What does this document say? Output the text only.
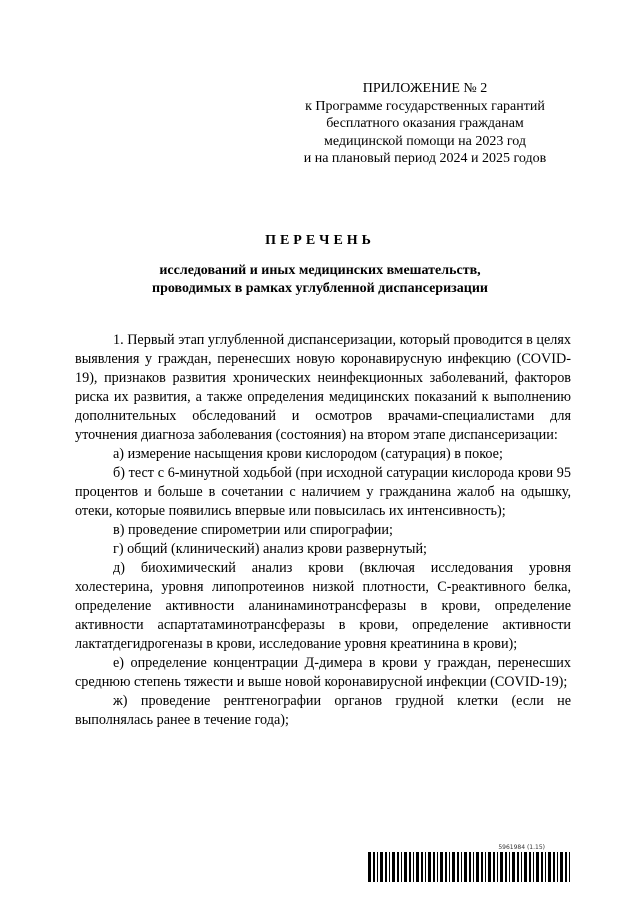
ПРИЛОЖЕНИЕ № 2
к Программе государственных гарантий
бесплатного оказания гражданам
медицинской помощи на 2023 год
и на плановый период 2024 и 2025 годов
ПЕРЕЧЕНЬ
исследований и иных медицинских вмешательств,
проводимых в рамках углубленной диспансеризации

1. Первый этап углубленной диспансеризации, который проводится в целях выявления у граждан, перенесших новую коронавирусную инфекцию (COVID-19), признаков развития хронических неинфекционных заболеваний, факторов риска их развития, а также определения медицинских показаний к выполнению дополнительных обследований и осмотров врачами-специалистами для уточнения диагноза заболевания (состояния) на втором этапе диспансеризации:

а) измерение насыщения крови кислородом (сатурация) в покое;

б) тест с 6-минутной ходьбой (при исходной сатурации кислорода крови 95 процентов и больше в сочетании с наличием у гражданина жалоб на одышку, отеки, которые появились впервые или повысилась их интенсивность);

в) проведение спирометрии или спирографии;

г) общий (клинический) анализ крови развернутый;

д) биохимический анализ крови (включая исследования уровня холестерина, уровня липопротеинов низкой плотности, С-реактивного белка, определение активности аланинаминотрансферазы в крови, определение активности аспартатаминотрансферазы в крови, определение активности лактатдегидрогеназы в крови, исследование уровня креатинина в крови);

е) определение концентрации Д-димера в крови у граждан, перенесших среднюю степень тяжести и выше новой коронавирусной инфекции (COVID-19);

ж) проведение рентгенографии органов грудной клетки (если не выполнялась ранее в течение года);

5961984 (1.15)
